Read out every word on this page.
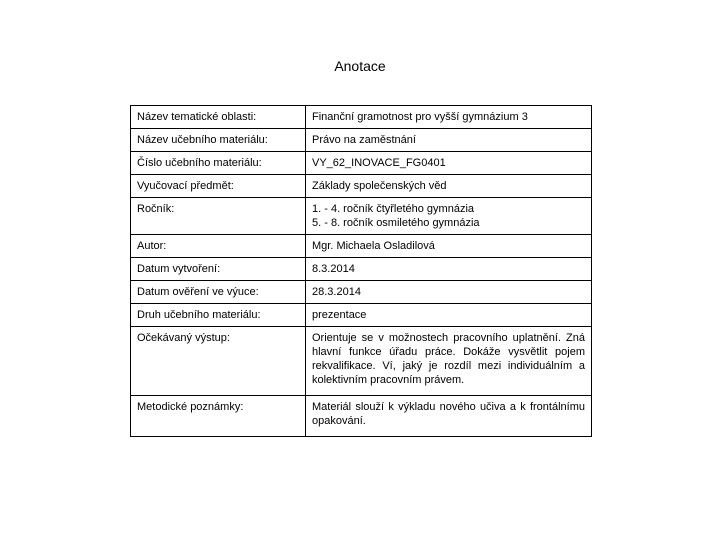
Anotace
Název tematické oblasti:	Finanční gramotnost pro vyšší gymnázium 3
Název učebního materiálu:	Právo na zaměstnání
Číslo učebního materiálu:	VY_62_INOVACE_FG0401
Vyučovací předmět:	Základy společenských věd
Ročník:	1. - 4. ročník čtyřletého gymnázia
5. - 8. ročník osmiletého gymnázia

Autor:	Mgr. Michaela Osladilová
Datum vytvoření:	8.3.2014
Datum ověření ve výuce:	28.3.2014
Druh učebního materiálu:	prezentace
Očekávaný výstup:	Orientuje se v možnostech pracovního uplatnění. Zná hlavní funkce úřadu práce. Dokáže vysvětlit pojem rekvalifikace. Ví, jaký je rozdíl mezi individuálním a kolektivním pracovním právem.
Metodické poznámky:	Materiál slouží k výkladu nového učiva a k frontálnímu opakování.
